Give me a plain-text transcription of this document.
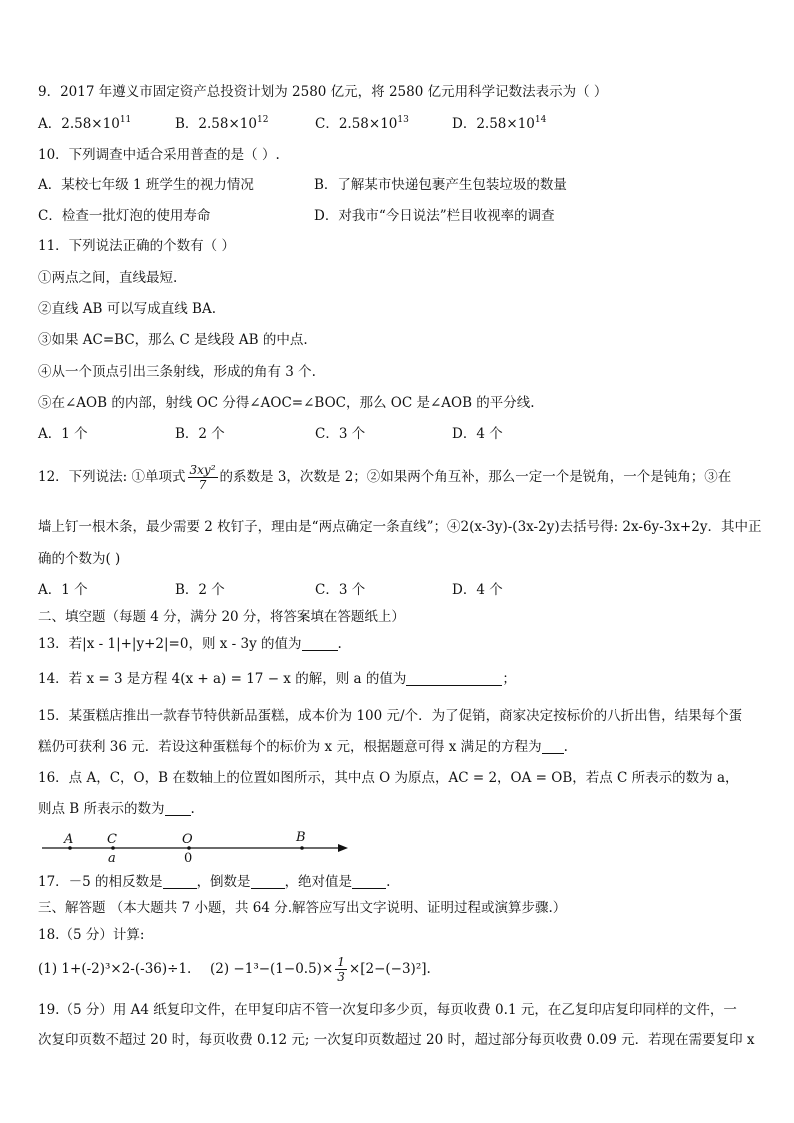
9．2017 年遵义市固定资产总投资计划为 2580 亿元，将 2580 亿元用科学记数法表示为（ ）
A．$2.58\times 10^{11}$	B．$2.58\times 10^{12}$	C．$2.58\times 10^{13}$	D．$2.58\times 10^{14}$
10．下列调查中适合采用普查的是（ ）.
A．某校七年级 1 班学生的视力情况	B．了解某市快递包裹产生包装垃圾的数量
C．检查一批灯泡的使用寿命	D．对我市“今日说法”栏目收视率的调查
11．下列说法正确的个数有（ ）
①两点之间，直线最短.
②直线 AB 可以写成直线 BA.
③如果 AC=BC，那么 C 是线段 AB 的中点.
④从一个顶点引出三条射线，形成的角有 3 个.
⑤在∠AOB 的内部，射线 OC 分得∠AOC=∠BOC，那么 OC 是∠AOB 的平分线.
A．1 个	B．2 个	C．3 个	D．4 个
12．下列说法: ①单项式 $\frac{\text{3xy²}}{7}$ 的系数是 3，次数是 2；②如果两个角互补，那么一定一个是锐角，一个是钝角；③在
墙上钉一根木条，最少需要 2 枚钉子，理由是“两点确定一条直线”；④2(x-3y)-(3x-2y)去括号得: 2x-6y-3x+2y．其中正
确的个数为( )
A．1 个	B．2 个	C．3 个	D．4 个
二、填空题（每题 4 分，满分 20 分，将答案填在答题纸上）
13．若|x - 1|+|y+2|=0，则 x - 3y 的值为	.
14．若 x = 3 是方程 4(x + a) = 17 − x 的解，则 a 的值为	；
15．某蛋糕店推出一款春节特供新品蛋糕，成本价为 100 元/个．为了促销，商家决定按标价的八折出售，结果每个蛋
糕仍可获利 36 元．若设这种蛋糕每个的标价为 x 元，根据题意可得 x 满足的方程为 .
16．点 A，C，O，B 在数轴上的位置如图所示，其中点 O 为原点，AC = 2，OA = OB，若点 C 所表示的数为 a，
则点 B 所表示的数为 .
A	C	O	B
a	0
17．－5 的相反数是	，倒数是	，绝对值是	.
三、解答题 （本大题共 7 小题，共 64 分.解答应写出文字说明、证明过程或演算步骤.）
18.（5 分）计算:
(1) 1+(-2)³×2-(-36)÷1. $(2) -1^3-(1-0.5)\times \frac{1}{3} \times[2-(-3)^2]$.
19.（5 分）用 A4 纸复印文件，在甲复印店不管一次复印多少页，每页收费 0.1 元，在乙复印店复印同样的文件，一
次复印页数不超过 20 时，每页收费 0.12 元; 一次复印页数超过 20 时，超过部分每页收费 0.09 元．若现在需要复印 x
